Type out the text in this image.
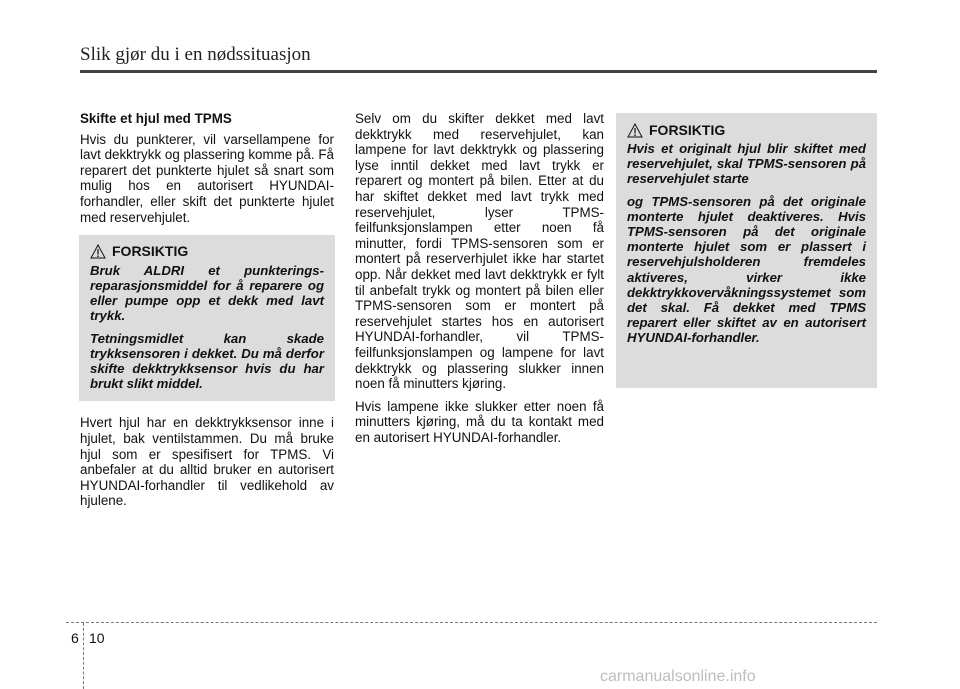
Slik gjør du i en nødssituasjon

Skifte et hjul med TPMS

Hvis du punkterer, vil varsellampene for lavt dekktrykk og plassering komme på. Få reparert det punkterte hjulet så snart som mulig hos en autorisert HYUNDAI-forhandler, eller skift det punkterte hjulet med reservehjulet.

FORSIKTIG

Bruk ALDRI et punkterings-reparasjonsmiddel for å reparere og eller pumpe opp et dekk med lavt trykk.

Tetningsmidlet kan skade trykksensoren i dekket. Du må derfor skifte dekktrykksensor hvis du har brukt slikt middel.

Hvert hjul har en dekktrykksensor inne i hjulet, bak ventilstammen. Du må bruke hjul som er spesifisert for TPMS. Vi anbefaler at du alltid bruker en autorisert HYUNDAI-forhandler til vedlikehold av hjulene.

Selv om du skifter dekket med lavt dekktrykk med reservehjulet, kan lampene for lavt dekktrykk og plassering lyse inntil dekket med lavt trykk er reparert og montert på bilen. Etter at du har skiftet dekket med lavt trykk med reservehjulet, lyser TPMS-feilfunksjonslampen etter noen få minutter, fordi TPMS-sensoren som er montert på reserverhjulet ikke har startet opp. Når dekket med lavt dekktrykk er fylt til anbefalt trykk og montert på bilen eller TPMS-sensoren som er montert på reservehjulet startes hos en autorisert HYUNDAI-forhandler, vil TPMS-feilfunksjonslampen og lampene for lavt dekktrykk og plassering slukker innen noen få minutters kjøring.

Hvis lampene ikke slukker etter noen få minutters kjøring, må du ta kontakt med en autorisert HYUNDAI-forhandler.

FORSIKTIG

Hvis et originalt hjul blir skiftet med reservehjulet, skal TPMS-sensoren på reservehjulet starte

og TPMS-sensoren på det originale monterte hjulet deaktiveres. Hvis TPMS-sensoren på det originale monterte hjulet som er plassert i reservehjulsholderen fremdeles aktiveres, virker ikke dekktrykkovervåkningssystemet som det skal. Få dekket med TPMS reparert eller skiftet av en autorisert HYUNDAI-forhandler.

6 10
carmanualsonline.info
